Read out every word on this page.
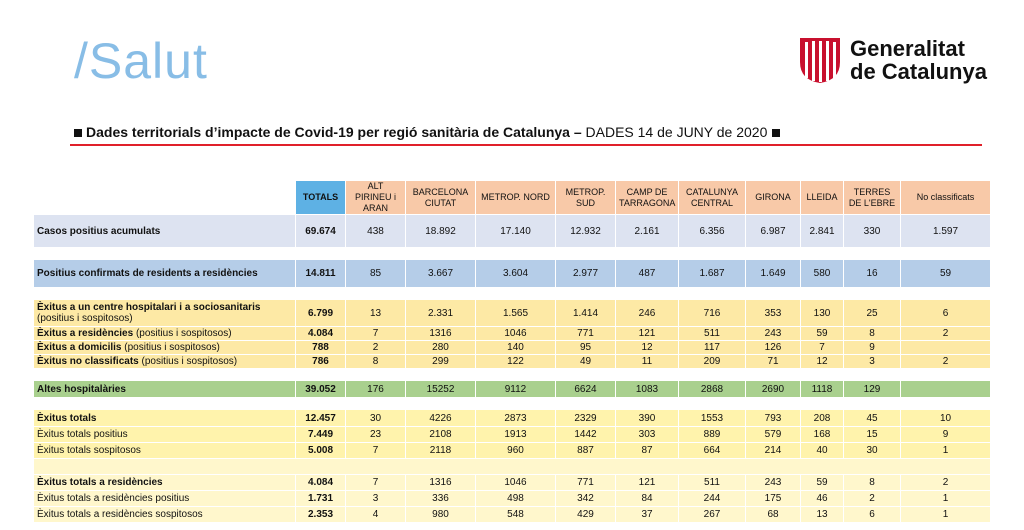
/Salut	Generalitat
de Catalunya
Dades territorials d’impacte de Covid-19 per regió sanitària de Catalunya – DADES 14 de JUNY de 2020
	TOTALS	ALT PIRINEU i ARAN	BARCELONA CIUTAT	METROP. NORD	METROP. SUD	CAMP DE TARRAGONA	CATALUNYA CENTRAL	GIRONA	LLEIDA	TERRES DE L'EBRE	No classificats
Casos positius acumulats	69.674	438	18.892	17.140	12.932	2.161	6.356	6.987	2.841	330	1.597

Positius confirmats de residents a residències	14.811	85	3.667	3.604	2.977	487	1.687	1.649	580	16	59

Èxitus a un centre hospitalari i a sociosanitaris
(positius i sospitosos)	6.799	13	2.331	1.565	1.414	246	716	353	130	25	6
Èxitus a residències (positius i sospitosos)	4.084	7	1316	1046	771	121	511	243	59	8	2
Èxitus a domicilis (positius i sospitosos)	788	2	280	140	95	12	117	126	7	9	
Èxitus no classificats (positius i sospitosos)	786	8	299	122	49	11	209	71	12	3	2

Altes hospitalàries	39.052	176	15252	9112	6624	1083	2868	2690	1118	129	

Èxitus totals	12.457	30	4226	2873	2329	390	1553	793	208	45	10
Èxitus totals positius	7.449	23	2108	1913	1442	303	889	579	168	15	9
Èxitus totals sospitosos	5.008	7	2118	960	887	87	664	214	40	30	1

Èxitus totals a residències	4.084	7	1316	1046	771	121	511	243	59	8	2
Èxitus totals a residències positius	1.731	3	336	498	342	84	244	175	46	2	1
Èxitus totals a residències sospitosos	2.353	4	980	548	429	37	267	68	13	6	1
